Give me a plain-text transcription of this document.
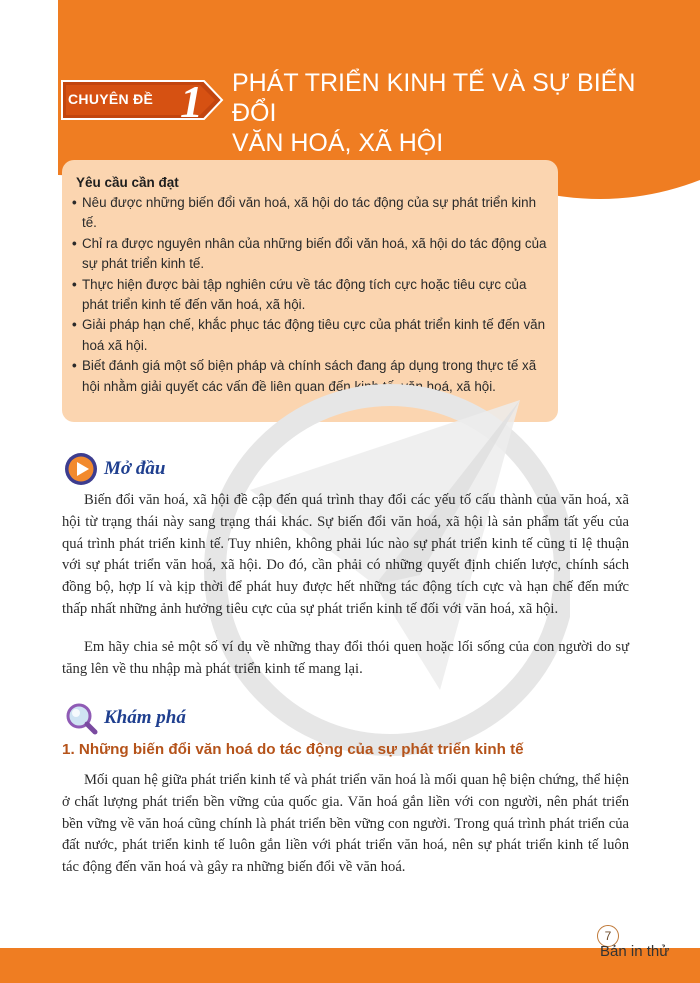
CHUYÊN ĐỀ 1 PHÁT TRIỂN KINH TẾ VÀ SỰ BIẾN ĐỔI
VĂN HOÁ, XÃ HỘI
Yêu cầu cần đạt
• Nêu được những biến đổi văn hoá, xã hội do tác động của sự phát triển kinh tế.
• Chỉ ra được nguyên nhân của những biến đổi văn hoá, xã hội do tác động của sự phát triển kinh tế.
• Thực hiện được bài tập nghiên cứu về tác động tích cực hoặc tiêu cực của phát triển kinh tế đến văn hoá, xã hội.
• Giải pháp hạn chế, khắc phục tác động tiêu cực của phát triển kinh tế đến văn hoá xã hội.
• Biết đánh giá một số biện pháp và chính sách đang áp dụng trong thực tế xã hội nhằm giải quyết các vấn đề liên quan đến kinh tế, văn hoá, xã hội.
Mở đầu

Biến đổi văn hoá, xã hội đề cập đến quá trình thay đổi các yếu tố cấu thành của văn hoá, xã hội từ trạng thái này sang trạng thái khác. Sự biến đổi văn hoá, xã hội là sản phẩm tất yếu của quá trình phát triển kinh tế. Tuy nhiên, không phải lúc nào sự phát triển kinh tế cũng tỉ lệ thuận với sự phát triển văn hoá, xã hội. Do đó, cần phải có những quyết định chiến lược, chính sách đồng bộ, hợp lí và kịp thời để phát huy được hết những tác động tích cực và hạn chế đến mức thấp nhất những ảnh hưởng tiêu cực của sự phát triển kinh tế đối với văn hoá, xã hội.

Em hãy chia sẻ một số ví dụ về những thay đổi thói quen hoặc lối sống của con người do sự tăng lên về thu nhập mà phát triển kinh tế mang lại.

Khám phá
1. Những biến đổi văn hoá do tác động của sự phát triển kinh tế

Mối quan hệ giữa phát triển kinh tế và phát triển văn hoá là mối quan hệ biện chứng, thể hiện ở chất lượng phát triển bền vững của quốc gia. Văn hoá gắn liền với con người, nên phát triển bền vững về văn hoá cũng chính là phát triển bền vững con người. Trong quá trình phát triển của đất nước, phát triển kinh tế luôn gắn liền với phát triển văn hoá, nên sự phát triển kinh tế luôn tác động đến văn hoá và gây ra những biến đổi về văn hoá.

7
Bản in thử
